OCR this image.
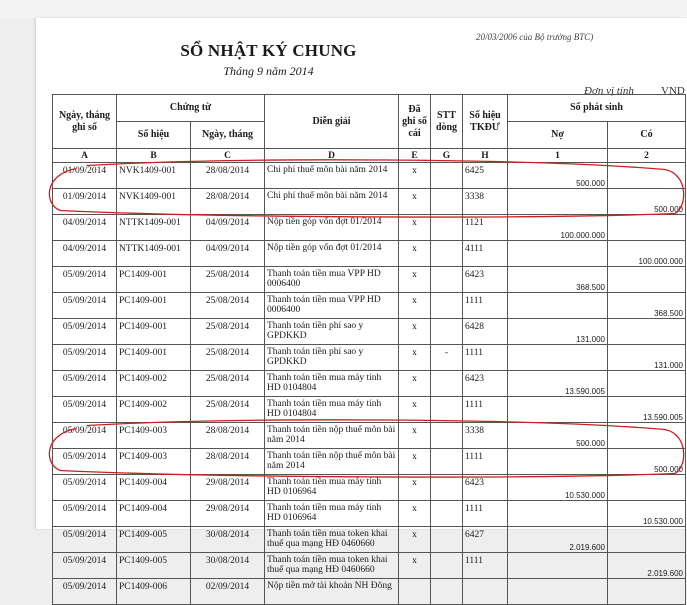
20/03/2006 của Bộ trưởng BTC)
SỔ NHẬT KÝ CHUNG
Tháng 9 năm 2014
Đơn vị tính VND
Ngày, tháng ghi sổ	Chứng từ		Diễn giải	Đã ghi sổ cái	STT dòng	Số hiệu TKĐƯ	Số phát sinh	
	Số hiệu	Ngày, tháng					Nợ	Có
A	B	C	D	E	G	H	1	2
01/09/2014	NVK1409-001	28/08/2014	Chi phí thuế môn bài năm 2014	x		6425	500.000	
01/09/2014	NVK1409-001	28/08/2014	Chi phí thuế môn bài năm 2014	x		3338		500.000
04/09/2014	NTTK1409-001	04/09/2014	Nộp tiền góp vốn đợt 01/2014	x		1121	100.000.000	
04/09/2014	NTTK1409-001	04/09/2014	Nộp tiền góp vốn đợt 01/2014	x		4111		100.000.000
05/09/2014	PC1409-001	25/08/2014	Thanh toán tiền mua VPP HD 0006400	x		6423	368.500	
05/09/2014	PC1409-001	25/08/2014	Thanh toán tiền mua VPP HD 0006400	x		1111		368.500
05/09/2014	PC1409-001	25/08/2014	Thanh toán tiền phí sao y GPDKKD	x		6428	131.000	
05/09/2014	PC1409-001	25/08/2014	Thanh toán tiền phí sao y GPDKKD	x	-	1111		131.000
05/09/2014	PC1409-002	25/08/2014	Thanh toán tiền mua máy tính HD 0104804	x		6423	13.590.005	
05/09/2014	PC1409-002	25/08/2014	Thanh toán tiền mua máy tính HD 0104804	x		1111		13.590.005
05/09/2014	PC1409-003	28/08/2014	Thanh toán tiền nộp thuế môn bài năm 2014	x		3338	500.000	
05/09/2014	PC1409-003	28/08/2014	Thanh toán tiền nộp thuế môn bài năm 2014	x		1111		500.000
05/09/2014	PC1409-004	29/08/2014	Thanh toán tiền mua máy tính HD 0106964	x		6423	10.530.000	
05/09/2014	PC1409-004	29/08/2014	Thanh toán tiền mua máy tính HD 0106964	x		1111		10.530.000
05/09/2014	PC1409-005	30/08/2014	Thanh toán tiền mua token khai thuế qua mạng HĐ 0460660	x		6427	2.019.600	
05/09/2014	PC1409-005	30/08/2014	Thanh toán tiền mua token khai thuế qua mạng HĐ 0460660	x		1111		2.019.600
05/09/2014	PC1409-006	02/09/2014	Nộp tiền mở tài khoản NH Đông					
